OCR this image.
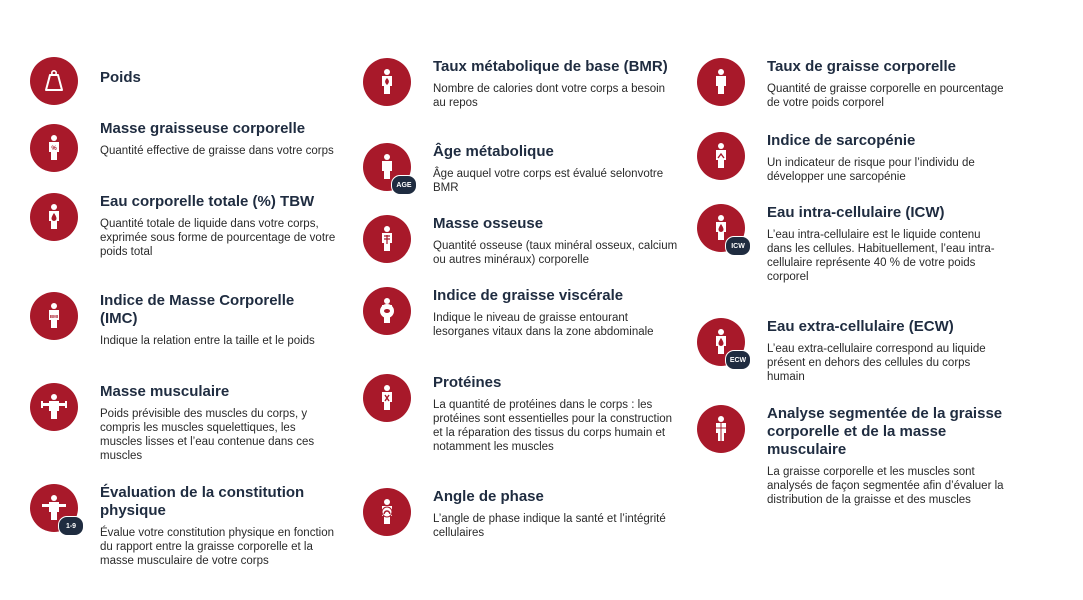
Poids
%
Masse graisseuse corporelle
Quantité effective de graisse dans votre corps
Eau corporelle totale (%) TBW
Quantité totale de liquide dans votre corps, exprimée sous forme de pourcentage de votre poids total
BMI
Indice de Masse Corporelle (IMC)
Indique la relation entre la taille et le poids
Masse musculaire
Poids prévisible des muscles du corps, y compris les muscles squelettiques, les muscles lisses et l’eau contenue dans ces muscles
1-9
Évaluation de la constitution physique
Évalue votre constitution physique en fonction du rapport entre la graisse corporelle et la masse musculaire de votre corps
Taux métabolique de base (BMR)
Nombre de calories dont votre corps a besoin au repos
AGE
Âge métabolique
Âge auquel votre corps est évalué selonvotre BMR
Masse osseuse
Quantité osseuse (taux minéral osseux, calcium ou autres minéraux) corporelle
Indice de graisse viscérale
Indique le niveau de graisse entourant lesorganes vitaux dans la zone abdominale
Protéines
La quantité de protéines dans le corps : les protéines sont essentielles pour la construction et la réparation des tissus du corps humain et notamment les muscles
Angle de phase
L’angle de phase indique la santé et l’intégrité cellulaires
Taux de graisse corporelle
Quantité de graisse corporelle en pourcentage de votre poids corporel
Indice de sarcopénie
Un indicateur de risque pour l’individu de développer une sarcopénie
ICW
Eau intra-cellulaire (ICW)
L’eau intra-cellulaire est le liquide contenu dans les cellules. Habituellement, l’eau intra-cellulaire représente 40 % de votre poids corporel
ECW
Eau extra-cellulaire (ECW)
L’eau extra-cellulaire correspond au liquide présent en dehors des cellules du corps humain
Analyse segmentée de la graisse corporelle et de la masse musculaire
La graisse corporelle et les muscles sont analysés de façon segmentée afin d’évaluer la distribution de la graisse et des muscles
